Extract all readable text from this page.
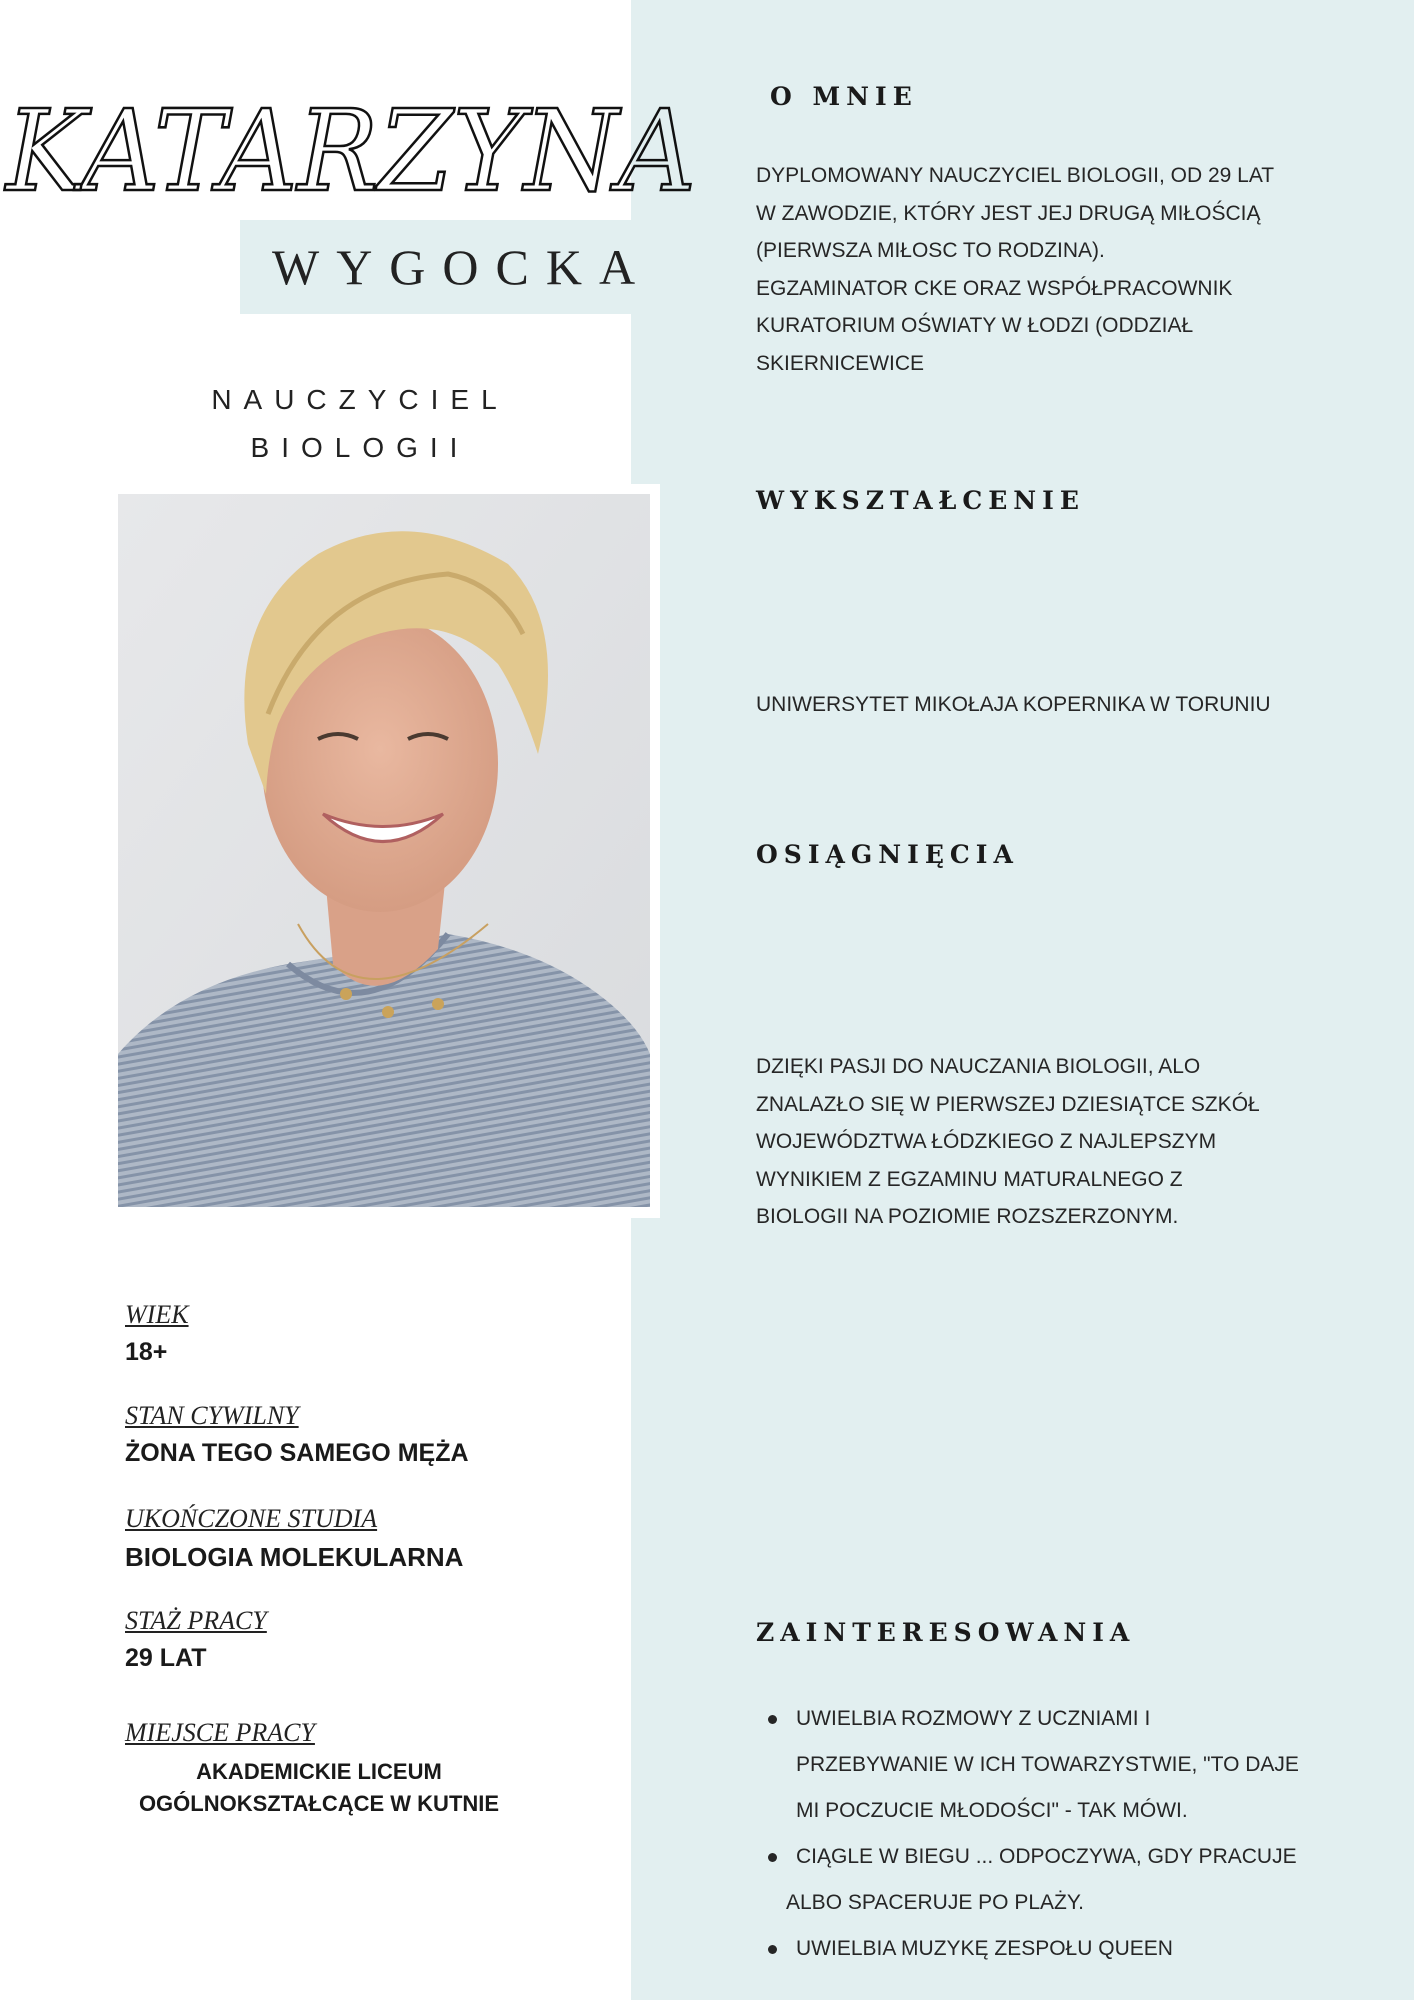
KATARZYNA
WYGOCKA
NAUCZYCIEL
BIOLOGII
WIEK
18+
STAN CYWILNY
ŻONA TEGO SAMEGO MĘŻA
UKOŃCZONE STUDIA
BIOLOGIA MOLEKULARNA
STAŻ PRACY
29 LAT
MIEJSCE PRACY
AKADEMICKIE LICEUM
OGÓLNOKSZTAŁCĄCE W KUTNIE
O MNIE
DYPLOMOWANY NAUCZYCIEL BIOLOGII, OD 29 LAT
W ZAWODZIE, KTÓRY JEST JEJ DRUGĄ MIŁOŚCIĄ
(PIERWSZA MIŁOSC TO RODZINA).
EGZAMINATOR CKE ORAZ WSPÓŁPRACOWNIK
KURATORIUM OŚWIATY W ŁODZI (ODDZIAŁ
SKIERNICEWICE
WYKSZTAŁCENIE
UNIWERSYTET MIKOŁAJA KOPERNIKA W TORUNIU
OSIĄGNIĘCIA
DZIĘKI PASJI DO NAUCZANIA BIOLOGII, ALO
ZNALAZŁO SIĘ W PIERWSZEJ DZIESIĄTCE SZKÓŁ
WOJEWÓDZTWA ŁÓDZKIEGO Z NAJLEPSZYM
WYNIKIEM Z EGZAMINU MATURALNEGO Z
BIOLOGII NA POZIOMIE ROZSZERZONYM.
ZAINTERESOWANIA
UWIELBIA ROZMOWY Z UCZNIAMI I
PRZEBYWANIE W ICH TOWARZYSTWIE, "TO DAJE
MI POCZUCIE MŁODOŚCI" - TAK MÓWI.
CIĄGLE W BIEGU ... ODPOCZYWA, GDY PRACUJE

ALBO SPACERUJE PO PLAŻY.
UWIELBIA MUZYKĘ ZESPOŁU QUEEN
